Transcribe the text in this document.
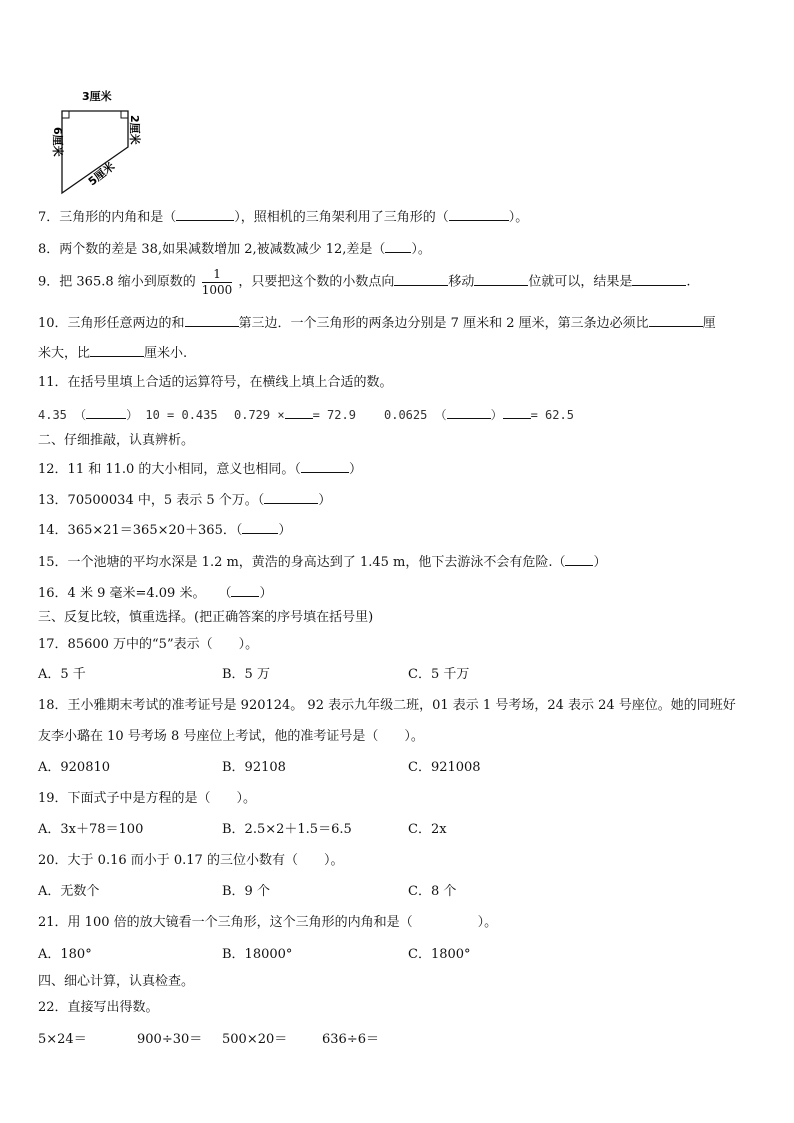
3厘米
6厘米	2厘米
5厘米
7．三角形的内角和是（	），照相机的三角架利用了三角形的（	）。
8．两个数的差是 38,如果减数增加 2,被减数减少 12,差是（ ）。
9．把 365.8 缩小到原数的 $\frac{1}{1000}$ ，只要把这个数的小数点向	移动	位就可以，结果是	.
10．三角形任意两边的和	第三边．一个三角形的两条边分别是 7 厘米和 2 厘米，第三条边必须比	厘
米大，比	厘米小.
11．在括号里填上合适的运算符号，在横线上填上合适的数。
4.35 （	） 10 = 0.435 0.729 × = 72.9 0.0625 （	） = 62.5
二、仔细推敲，认真辨析。
12．11 和 11.0 的大小相同，意义也相同。（	）
13．70500034 中，5 表示 5 个万。（	）
14．365×21＝365×20＋365．（	）
15．一个池塘的平均水深是 1.2 m，黄浩的身高达到了 1.45 m，他下去游泳不会有危险.（ ）
16．4 米 9 毫米=4.09 米。　　（ ）
三、反复比较，慎重选择。(把正确答案的序号填在括号里)
17．85600 万中的“5”表示（　　）。
A．5 千	B．5 万	C．5 千万
18．王小雅期末考试的准考证号是 920124。 92 表示九年级二班，01 表示 1 号考场，24 表示 24 号座位。她的同班好
友李小璐在 10 号考场 8 号座位上考试，他的准考证号是（　　）。
A．920810	B．92108	C．921008
19．下面式子中是方程的是（　　）。
A．3x＋78＝100	B．2.5×2＋1.5＝6.5	C．2x
20．大于 0.16 而小于 0.17 的三位小数有（　　）。
A．无数个	B．9 个	C．8 个
21．用 100 倍的放大镜看一个三角形，这个三角形的内角和是（　　　　　）。
A．180°	B．18000°	C．1800°
四、细心计算，认真检查。
22．直接写出得数。
5×24＝	900÷30＝ 500×20＝	636÷6＝
